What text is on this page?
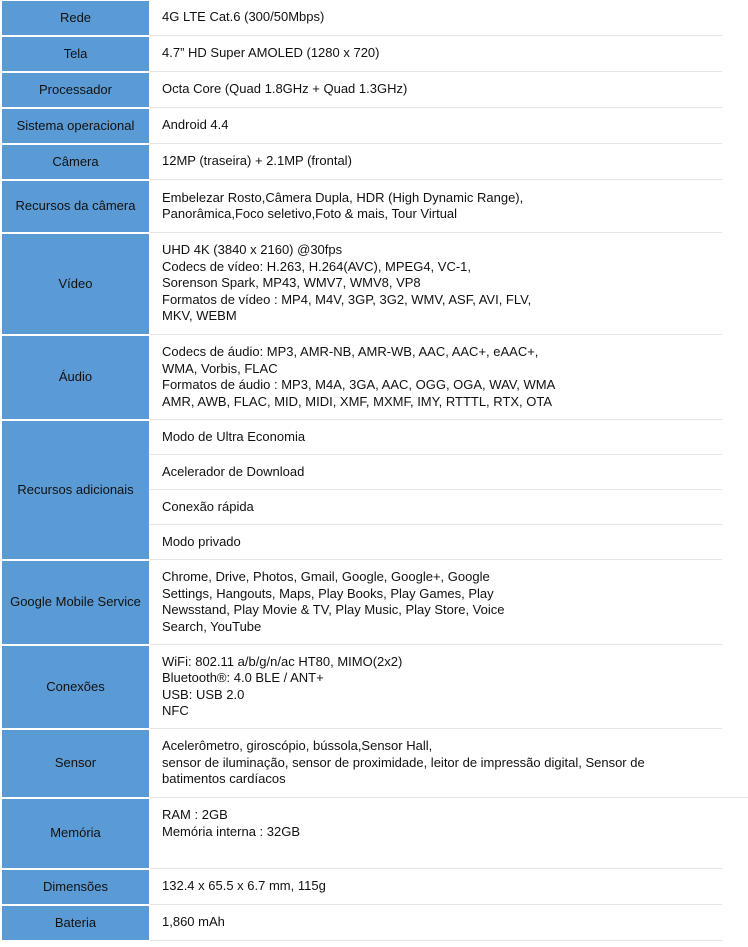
Rede	4G LTE Cat.6 (300/50Mbps)	

Tela	4.7” HD Super AMOLED (1280 x 720)	

Processador	Octa Core (Quad 1.8GHz + Quad 1.3GHz)	

Sistema operacional	Android 4.4	

Câmera	12MP (traseira) + 2.1MP (frontal)	

Recursos da câmera	Embelezar Rosto,Câmera Dupla, HDR (High Dynamic Range),
Panorâmica,Foco seletivo,Foto & mais, Tour Virtual	

Vídeo	UHD 4K (3840 x 2160) @30fps
Codecs de vídeo: H.263, H.264(AVC), MPEG4, VC-1,
Sorenson Spark, MP43, WMV7, WMV8, VP8
Formatos de vídeo : MP4, M4V, 3GP, 3G2, WMV, ASF, AVI, FLV,
MKV, WEBM	

Áudio	Codecs de áudio: MP3, AMR-NB, AMR-WB, AAC, AAC+, eAAC+,
WMA, Vorbis, FLAC
Formatos de áudio : MP3, M4A, 3GA, AAC, OGG, OGA, WAV, WMA
AMR, AWB, FLAC, MID, MIDI, XMF, MXMF, IMY, RTTTL, RTX, OTA	

Recursos adicionais	Modo de Ultra Economia	

	Acelerador de Download	

	Conexão rápida	

	Modo privado	

Google Mobile Service	Chrome, Drive, Photos, Gmail, Google, Google+, Google
Settings, Hangouts, Maps, Play Books, Play Games, Play
Newsstand, Play Movie & TV, Play Music, Play Store, Voice
Search, YouTube	

Conexões	WiFi: 802.11 a/b/g/n/ac HT80, MIMO(2x2)
Bluetooth®: 4.0 BLE / ANT+
USB: USB 2.0
NFC	

Sensor	Acelerômetro, giroscópio, bússola,Sensor Hall,
sensor de iluminação, sensor de proximidade, leitor de impressão digital, Sensor de
batimentos cardíacos	

Memória	RAM : 2GB
Memória interna : 32GB	

Dimensões	132.4 x 65.5 x 6.7 mm, 115g	

Bateria	1,860 mAh	
